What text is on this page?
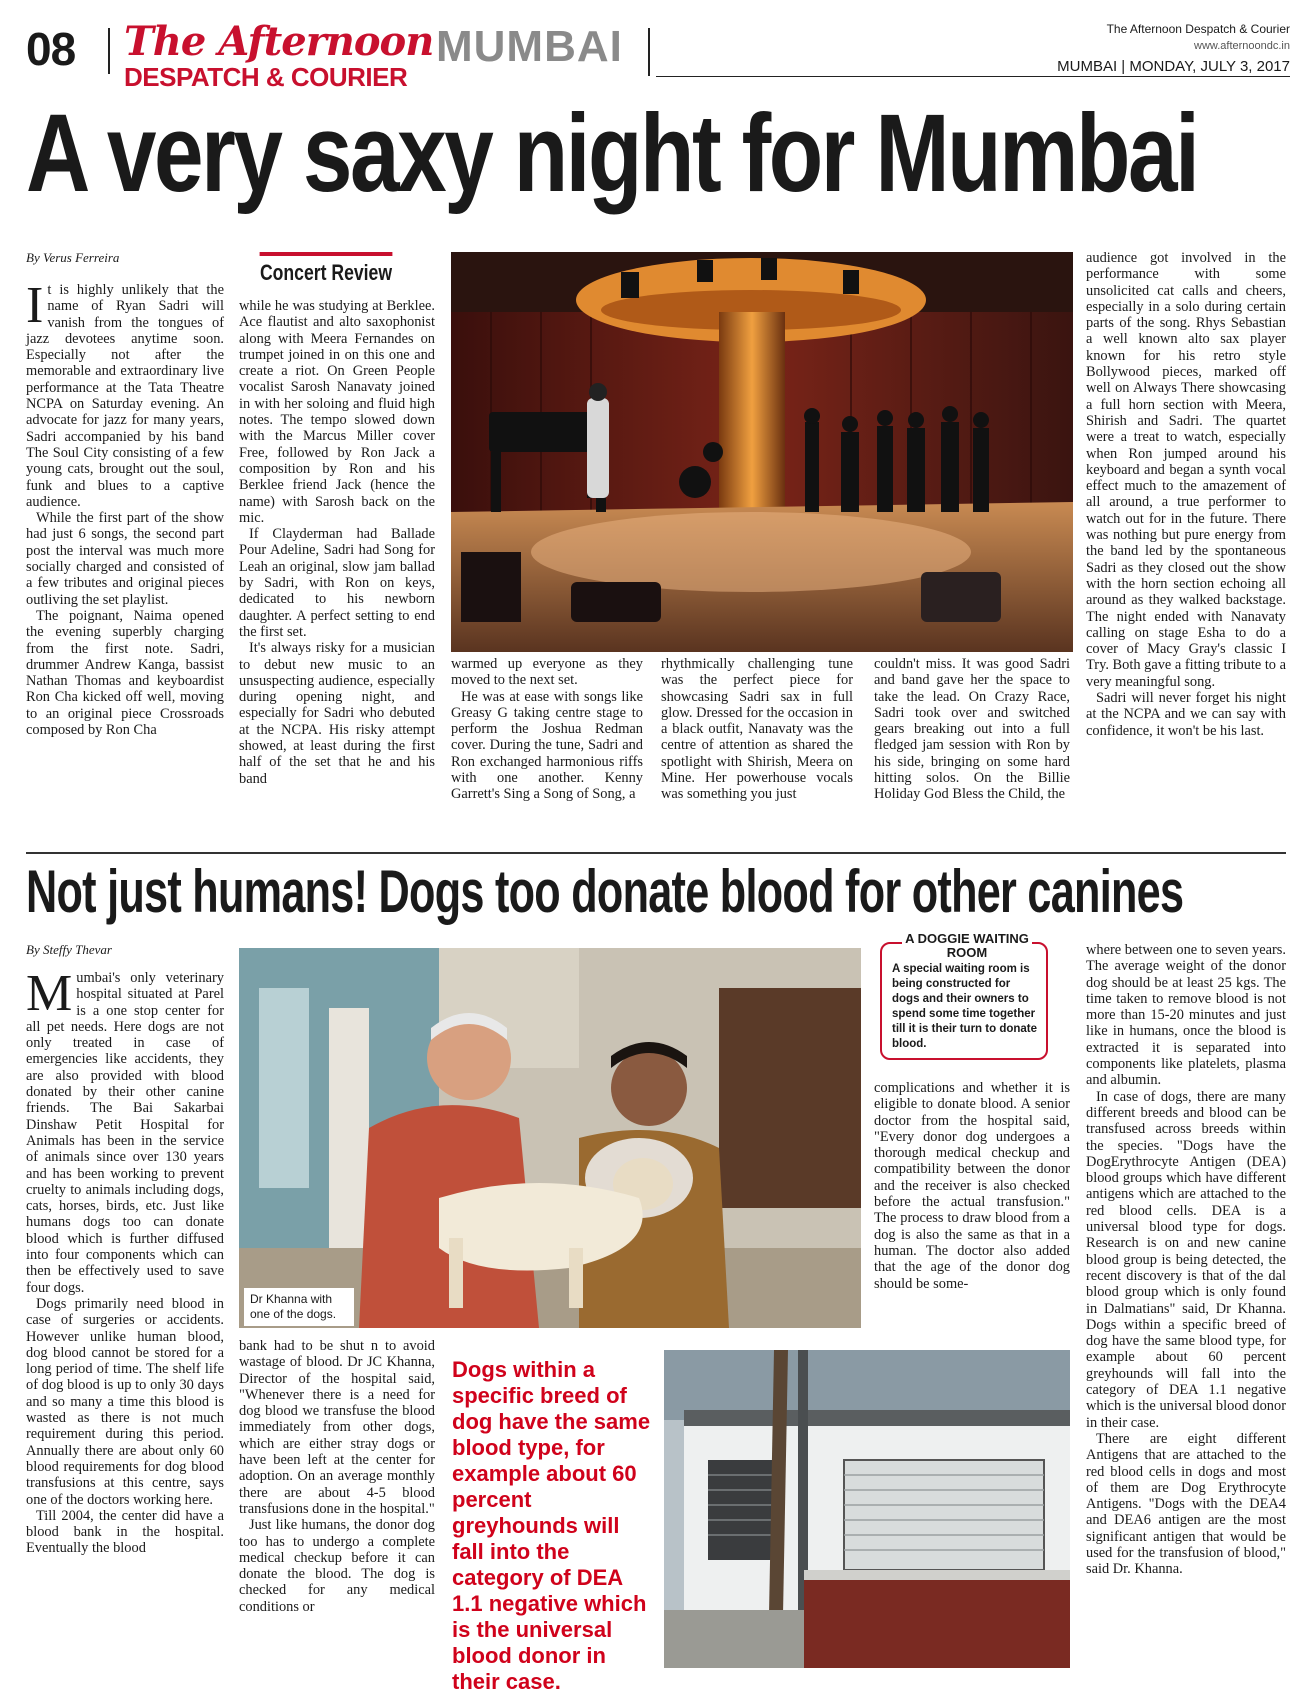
08 The Afternoon
DESPATCH & COURIER
MUMBAI	The Afternoon Despatch & Courier
www.afternoondc.in
MUMBAI | MONDAY, JULY 3, 2017
A very saxy night for Mumbai
By Verus Ferreira
Concert Review

It is highly unlikely that the name of Ryan Sadri will vanish from the tongues of jazz devotees anytime soon. Especially not after the memorable and extraordinary live performance at the Tata Theatre NCPA on Saturday evening. An advocate for jazz for many years, Sadri accompanied by his band The Soul City consisting of a few young cats, brought out the soul, funk and blues to a captive audience.

While the first part of the show had just 6 songs, the second part post the interval was much more socially charged and consisted of a few tributes and original pieces outliving the set playlist.

The poignant, Naima opened the evening superbly charging from the first note. Sadri, drummer Andrew Kanga, bassist Nathan Thomas and keyboardist Ron Cha kicked off well, moving to an original piece Crossroads composed by Ron Cha

while he was studying at Berklee. Ace flautist and alto saxophonist along with Meera Fernandes on trumpet joined in on this one and create a riot. On Green People vocalist Sarosh Nanavaty joined in with her soloing and fluid high notes. The tempo slowed down with the Marcus Miller cover Free, followed by Ron Jack a composition by Ron and his Berklee friend Jack (hence the name) with Sarosh back on the mic.

If Clayderman had Ballade Pour Adeline, Sadri had Song for Leah an original, slow jam ballad by Sadri, with Ron on keys, dedicated to his newborn daughter. A perfect setting to end the first set.

It's always risky for a musician to debut new music to an unsuspecting audience, especially during opening night, and especially for Sadri who debuted at the NCPA. His risky attempt showed, at least during the first half of the set that he and his band

warmed up everyone as they moved to the next set.

He was at ease with songs like Greasy G taking centre stage to perform the Joshua Redman cover. During the tune, Sadri and Ron exchanged harmonious riffs with one another. Kenny Garrett's Sing a Song of Song, a

rhythmically challenging tune was the perfect piece for showcasing Sadri sax in full glow. Dressed for the occasion in a black outfit, Nanavaty was the centre of attention as shared the spotlight with Shirish, Meera on Mine. Her powerhouse vocals was something you just

couldn't miss. It was good Sadri and band gave her the space to take the lead. On Crazy Race, Sadri took over and switched gears breaking out into a full fledged jam session with Ron by his side, bringing on some hard hitting solos. On the Billie Holiday God Bless the Child, the

audience got involved in the performance with some unsolicited cat calls and cheers, especially in a solo during certain parts of the song. Rhys Sebastian a well known alto sax player known for his retro style Bollywood pieces, marked off well on Always There showcasing a full horn section with Meera, Shirish and Sadri. The quartet were a treat to watch, especially when Ron jumped around his keyboard and began a synth vocal effect much to the amazement of all around, a true performer to watch out for in the future. There was nothing but pure energy from the band led by the spontaneous Sadri as they closed out the show with the horn section echoing all around as they walked backstage. The night ended with Nanavaty calling on stage Esha to do a cover of Macy Gray's classic I Try. Both gave a fitting tribute to a very meaningful song.

Sadri will never forget his night at the NCPA and we can say with confidence, it won't be his last.

Not just humans! Dogs too donate blood for other canines
By Steffy Thevar

Mumbai's only veterinary hospital situated at Parel is a one stop center for all pet needs. Here dogs are not only treated in case of emergencies like accidents, they are also provided with blood donated by their other canine friends. The Bai Sakarbai Dinshaw Petit Hospital for Animals has been in the service of animals since over 130 years and has been working to prevent cruelty to animals including dogs, cats, horses, birds, etc. Just like humans dogs too can donate blood which is further diffused into four components which can then be effectively used to save four dogs.

Dogs primarily need blood in case of surgeries or accidents. However unlike human blood, dog blood cannot be stored for a long period of time. The shelf life of dog blood is up to only 30 days and so many a time this blood is wasted as there is not much requirement during this period. Annually there are about only 60 blood requirements for dog blood transfusions at this centre, says one of the doctors working here.

Till 2004, the center did have a blood bank in the hospital. Eventually the blood

Dr Khanna with one of the dogs.
A special waiting room is being constructed for dogs and their owners to spend some time together till it is their turn to donate blood.
A DOGGIE WAITING ROOM

complications and whether it is eligible to donate blood. A senior doctor from the hospital said, "Every donor dog undergoes a thorough medical checkup and compatibility between the donor and the receiver is also checked before the actual transfusion." The process to draw blood from a dog is also the same as that in a human. The doctor also added that the age of the donor dog should be some-

bank had to be shut n to avoid wastage of blood. Dr JC Khanna, Director of the hospital said, "Whenever there is a need for dog blood we transfuse the blood immediately from other dogs, which are either stray dogs or have been left at the center for adoption. On an average monthly there are about 4-5 blood transfusions done in the hospital."

Just like humans, the donor dog too has to undergo a complete medical checkup before it can donate the blood. The dog is checked for any medical conditions or

Dogs within a specific breed of dog have the same blood type, for example about 60 percent greyhounds will fall into the category of DEA 1.1 negative which is the universal blood donor in their case.

where between one to seven years. The average weight of the donor dog should be at least 25 kgs. The time taken to remove blood is not more than 15-20 minutes and just like in humans, once the blood is extracted it is separated into components like platelets, plasma and albumin.

In case of dogs, there are many different breeds and blood can be transfused across breeds within the species. "Dogs have the DogErythrocyte Antigen (DEA) blood groups which have different antigens which are attached to the red blood cells. DEA is a universal blood type for dogs. Research is on and new canine blood group is being detected, the recent discovery is that of the dal blood group which is only found in Dalmatians" said, Dr Khanna. Dogs within a specific breed of dog have the same blood type, for example about 60 percent greyhounds will fall into the category of DEA 1.1 negative which is the universal blood donor in their case.

There are eight different Antigens that are attached to the red blood cells in dogs and most of them are Dog Erythrocyte Antigens. "Dogs with the DEA4 and DEA6 antigen are the most significant antigen that would be used for the transfusion of blood," said Dr. Khanna.
